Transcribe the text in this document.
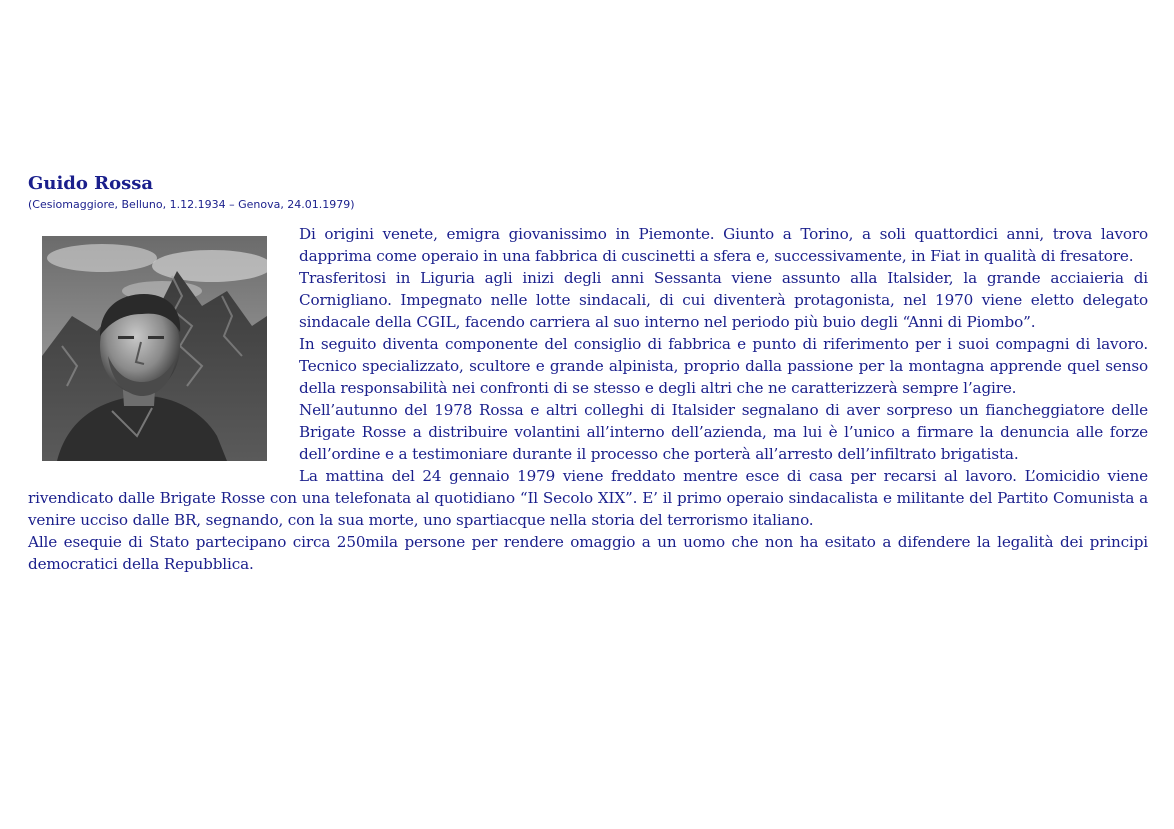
Guido Rossa
(Cesiomaggiore, Belluno, 1.12.1934 – Genova, 24.01.1979)

Di origini venete, emigra giovanissimo in Piemonte. Giunto a Torino, a soli quattordici anni, trova lavoro dapprima come operaio in una fabbrica di cuscinetti a sfera e, successivamente, in Fiat in qualità di fresatore.

Trasferitosi in Liguria agli inizi degli anni Sessanta viene assunto alla Italsider, la grande acciaieria di Cornigliano. Impegnato nelle lotte sindacali, di cui diventerà protagonista, nel 1970 viene eletto delegato sindacale della CGIL, facendo carriera al suo interno nel periodo più buio degli “Anni di Piombo”.

In seguito diventa componente del consiglio di fabbrica e punto di riferimento per i suoi compagni di lavoro. Tecnico specializzato, scultore e grande alpinista, proprio dalla passione per la montagna apprende quel senso della responsabilità nei confronti di se stesso e degli altri che ne caratterizzerà sempre l’agire.

Nell’autunno del 1978 Rossa e altri colleghi di Italsider segnalano di aver sorpreso un fiancheggiatore delle Brigate Rosse a distribuire volantini all’interno dell’azienda, ma lui è l’unico a firmare la denuncia alle forze dell’ordine e a testimoniare durante il processo che porterà all’arresto dell’infiltrato brigatista.

La mattina del 24 gennaio 1979 viene freddato mentre esce di casa per recarsi al lavoro. L’omicidio viene rivendicato dalle Brigate Rosse con una telefonata al quotidiano “Il Secolo XIX”. E’ il primo operaio sindacalista e militante del Partito Comunista a venire ucciso dalle BR, segnando, con la sua morte, uno spartiacque nella storia del terrorismo italiano.

Alle esequie di Stato partecipano circa 250mila persone per rendere omaggio a un uomo che non ha esitato a difendere la legalità dei principi democratici della Repubblica.
